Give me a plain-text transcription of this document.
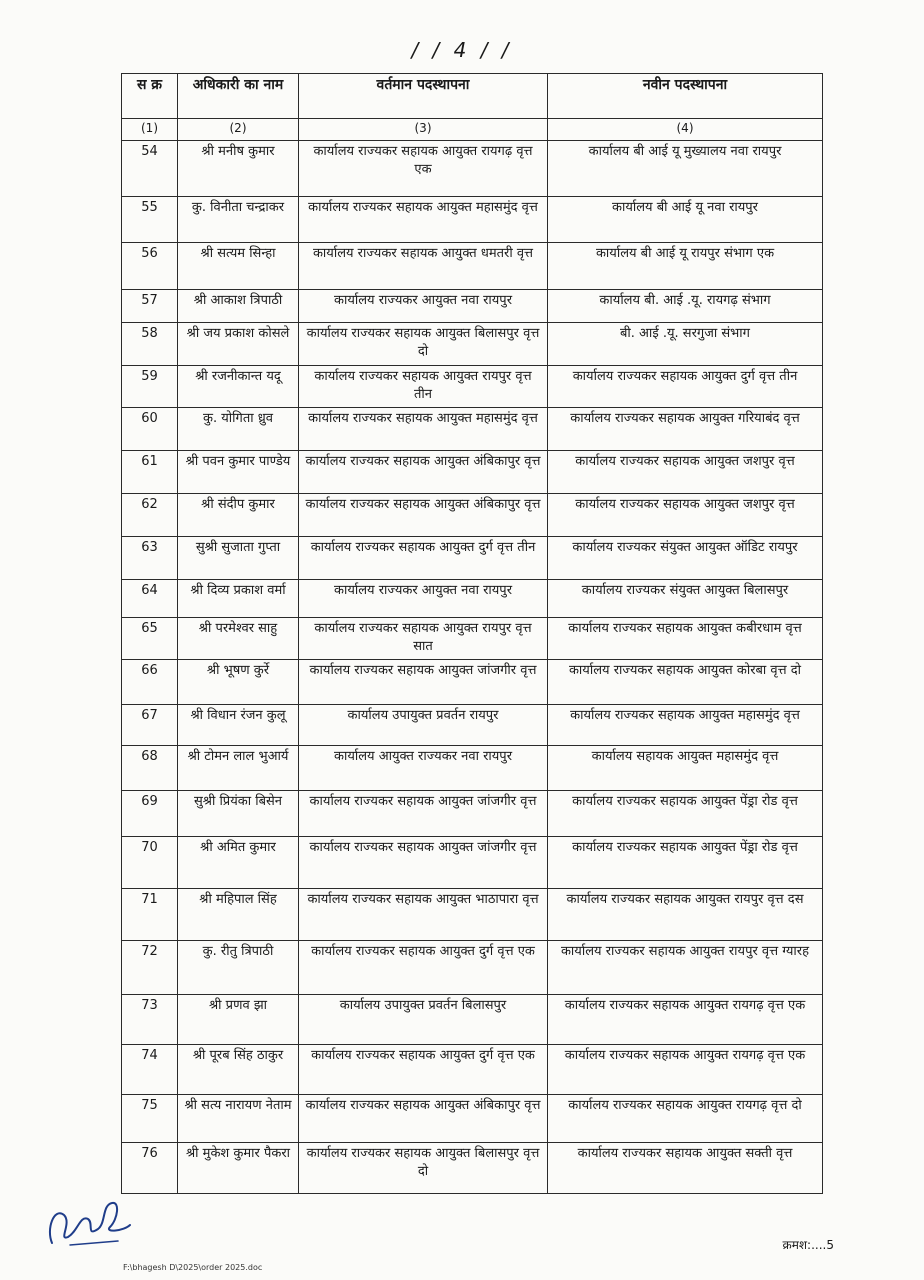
/ / 4 / /
स क्र	अधिकारी का नाम	वर्तमान पदस्थापना	नवीन पदस्थापना
(1)	(2)	(3)	(4)
54	श्री मनीष कुमार	कार्यालय राज्यकर सहायक आयुक्त रायगढ़ वृत्त एक	कार्यालय बी आई यू मुख्यालय नवा रायपुर
55	कु. विनीता चन्द्राकर	कार्यालय राज्यकर सहायक आयुक्त महासमुंद वृत्त	कार्यालय बी आई यू नवा रायपुर
56	श्री सत्यम सिन्हा	कार्यालय राज्यकर सहायक आयुक्त धमतरी वृत्त	कार्यालय बी आई यू रायपुर संभाग एक
57	श्री आकाश त्रिपाठी	कार्यालय राज्यकर आयुक्त नवा रायपुर	कार्यालय बी. आई .यू. रायगढ़ संभाग
58	श्री जय प्रकाश कोसले	कार्यालय राज्यकर सहायक आयुक्त बिलासपुर वृत्त दो	बी. आई .यू. सरगुजा संभाग
59	श्री रजनीकान्त यदू	कार्यालय राज्यकर सहायक आयुक्त रायपुर वृत्त तीन	कार्यालय राज्यकर सहायक आयुक्त दुर्ग वृत्त तीन
60	कु. योगिता ध्रुव	कार्यालय राज्यकर सहायक आयुक्त महासमुंद वृत्त	कार्यालय राज्यकर सहायक आयुक्त गरियाबंद वृत्त
61	श्री पवन कुमार पाण्डेय	कार्यालय राज्यकर सहायक आयुक्त अंबिकापुर वृत्त	कार्यालय राज्यकर सहायक आयुक्त जशपुर वृत्त
62	श्री संदीप कुमार	कार्यालय राज्यकर सहायक आयुक्त अंबिकापुर वृत्त	कार्यालय राज्यकर सहायक आयुक्त जशपुर वृत्त
63	सुश्री सुजाता गुप्ता	कार्यालय राज्यकर सहायक आयुक्त दुर्ग वृत्त तीन	कार्यालय राज्यकर संयुक्त आयुक्त ऑडिट रायपुर
64	श्री दिव्य प्रकाश वर्मा	कार्यालय राज्यकर आयुक्त नवा रायपुर	कार्यालय राज्यकर संयुक्त आयुक्त बिलासपुर
65	श्री परमेश्वर साहु	कार्यालय राज्यकर सहायक आयुक्त रायपुर वृत्त सात	कार्यालय राज्यकर सहायक आयुक्त कबीरधाम वृत्त
66	श्री भूषण कुर्रे	कार्यालय राज्यकर सहायक आयुक्त जांजगीर वृत्त	कार्यालय राज्यकर सहायक आयुक्त कोरबा वृत्त दो
67	श्री विधान रंजन कुलू	कार्यालय उपायुक्त प्रवर्तन रायपुर	कार्यालय राज्यकर सहायक आयुक्त महासमुंद वृत्त
68	श्री टोमन लाल भुआर्य	कार्यालय आयुक्त राज्यकर नवा रायपुर	कार्यालय सहायक आयुक्त महासमुंद वृत्त
69	सुश्री प्रियंका बिसेन	कार्यालय राज्यकर सहायक आयुक्त जांजगीर वृत्त	कार्यालय राज्यकर सहायक आयुक्त पेंड्रा रोड वृत्त
70	श्री अमित कुमार	कार्यालय राज्यकर सहायक आयुक्त जांजगीर वृत्त	कार्यालय राज्यकर सहायक आयुक्त पेंड्रा रोड वृत्त
71	श्री महिपाल सिंह	कार्यालय राज्यकर सहायक आयुक्त भाठापारा वृत्त	कार्यालय राज्यकर सहायक आयुक्त रायपुर वृत्त दस
72	कु. रीतु त्रिपाठी	कार्यालय राज्यकर सहायक आयुक्त दुर्ग वृत्त एक	कार्यालय राज्यकर सहायक आयुक्त रायपुर वृत्त ग्यारह
73	श्री प्रणव झा	कार्यालय उपायुक्त प्रवर्तन बिलासपुर	कार्यालय राज्यकर सहायक आयुक्त रायगढ़ वृत्त एक
74	श्री पूरब सिंह ठाकुर	कार्यालय राज्यकर सहायक आयुक्त दुर्ग वृत्त एक	कार्यालय राज्यकर सहायक आयुक्त रायगढ़ वृत्त एक
75	श्री सत्य नारायण नेताम	कार्यालय राज्यकर सहायक आयुक्त अंबिकापुर वृत्त	कार्यालय राज्यकर सहायक आयुक्त रायगढ़ वृत्त दो
76	श्री मुकेश कुमार पैकरा	कार्यालय राज्यकर सहायक आयुक्त बिलासपुर वृत्त दो	कार्यालय राज्यकर सहायक आयुक्त सक्ती वृत्त
क्रमश:....5
F:\bhagesh D\2025\order 2025.doc
